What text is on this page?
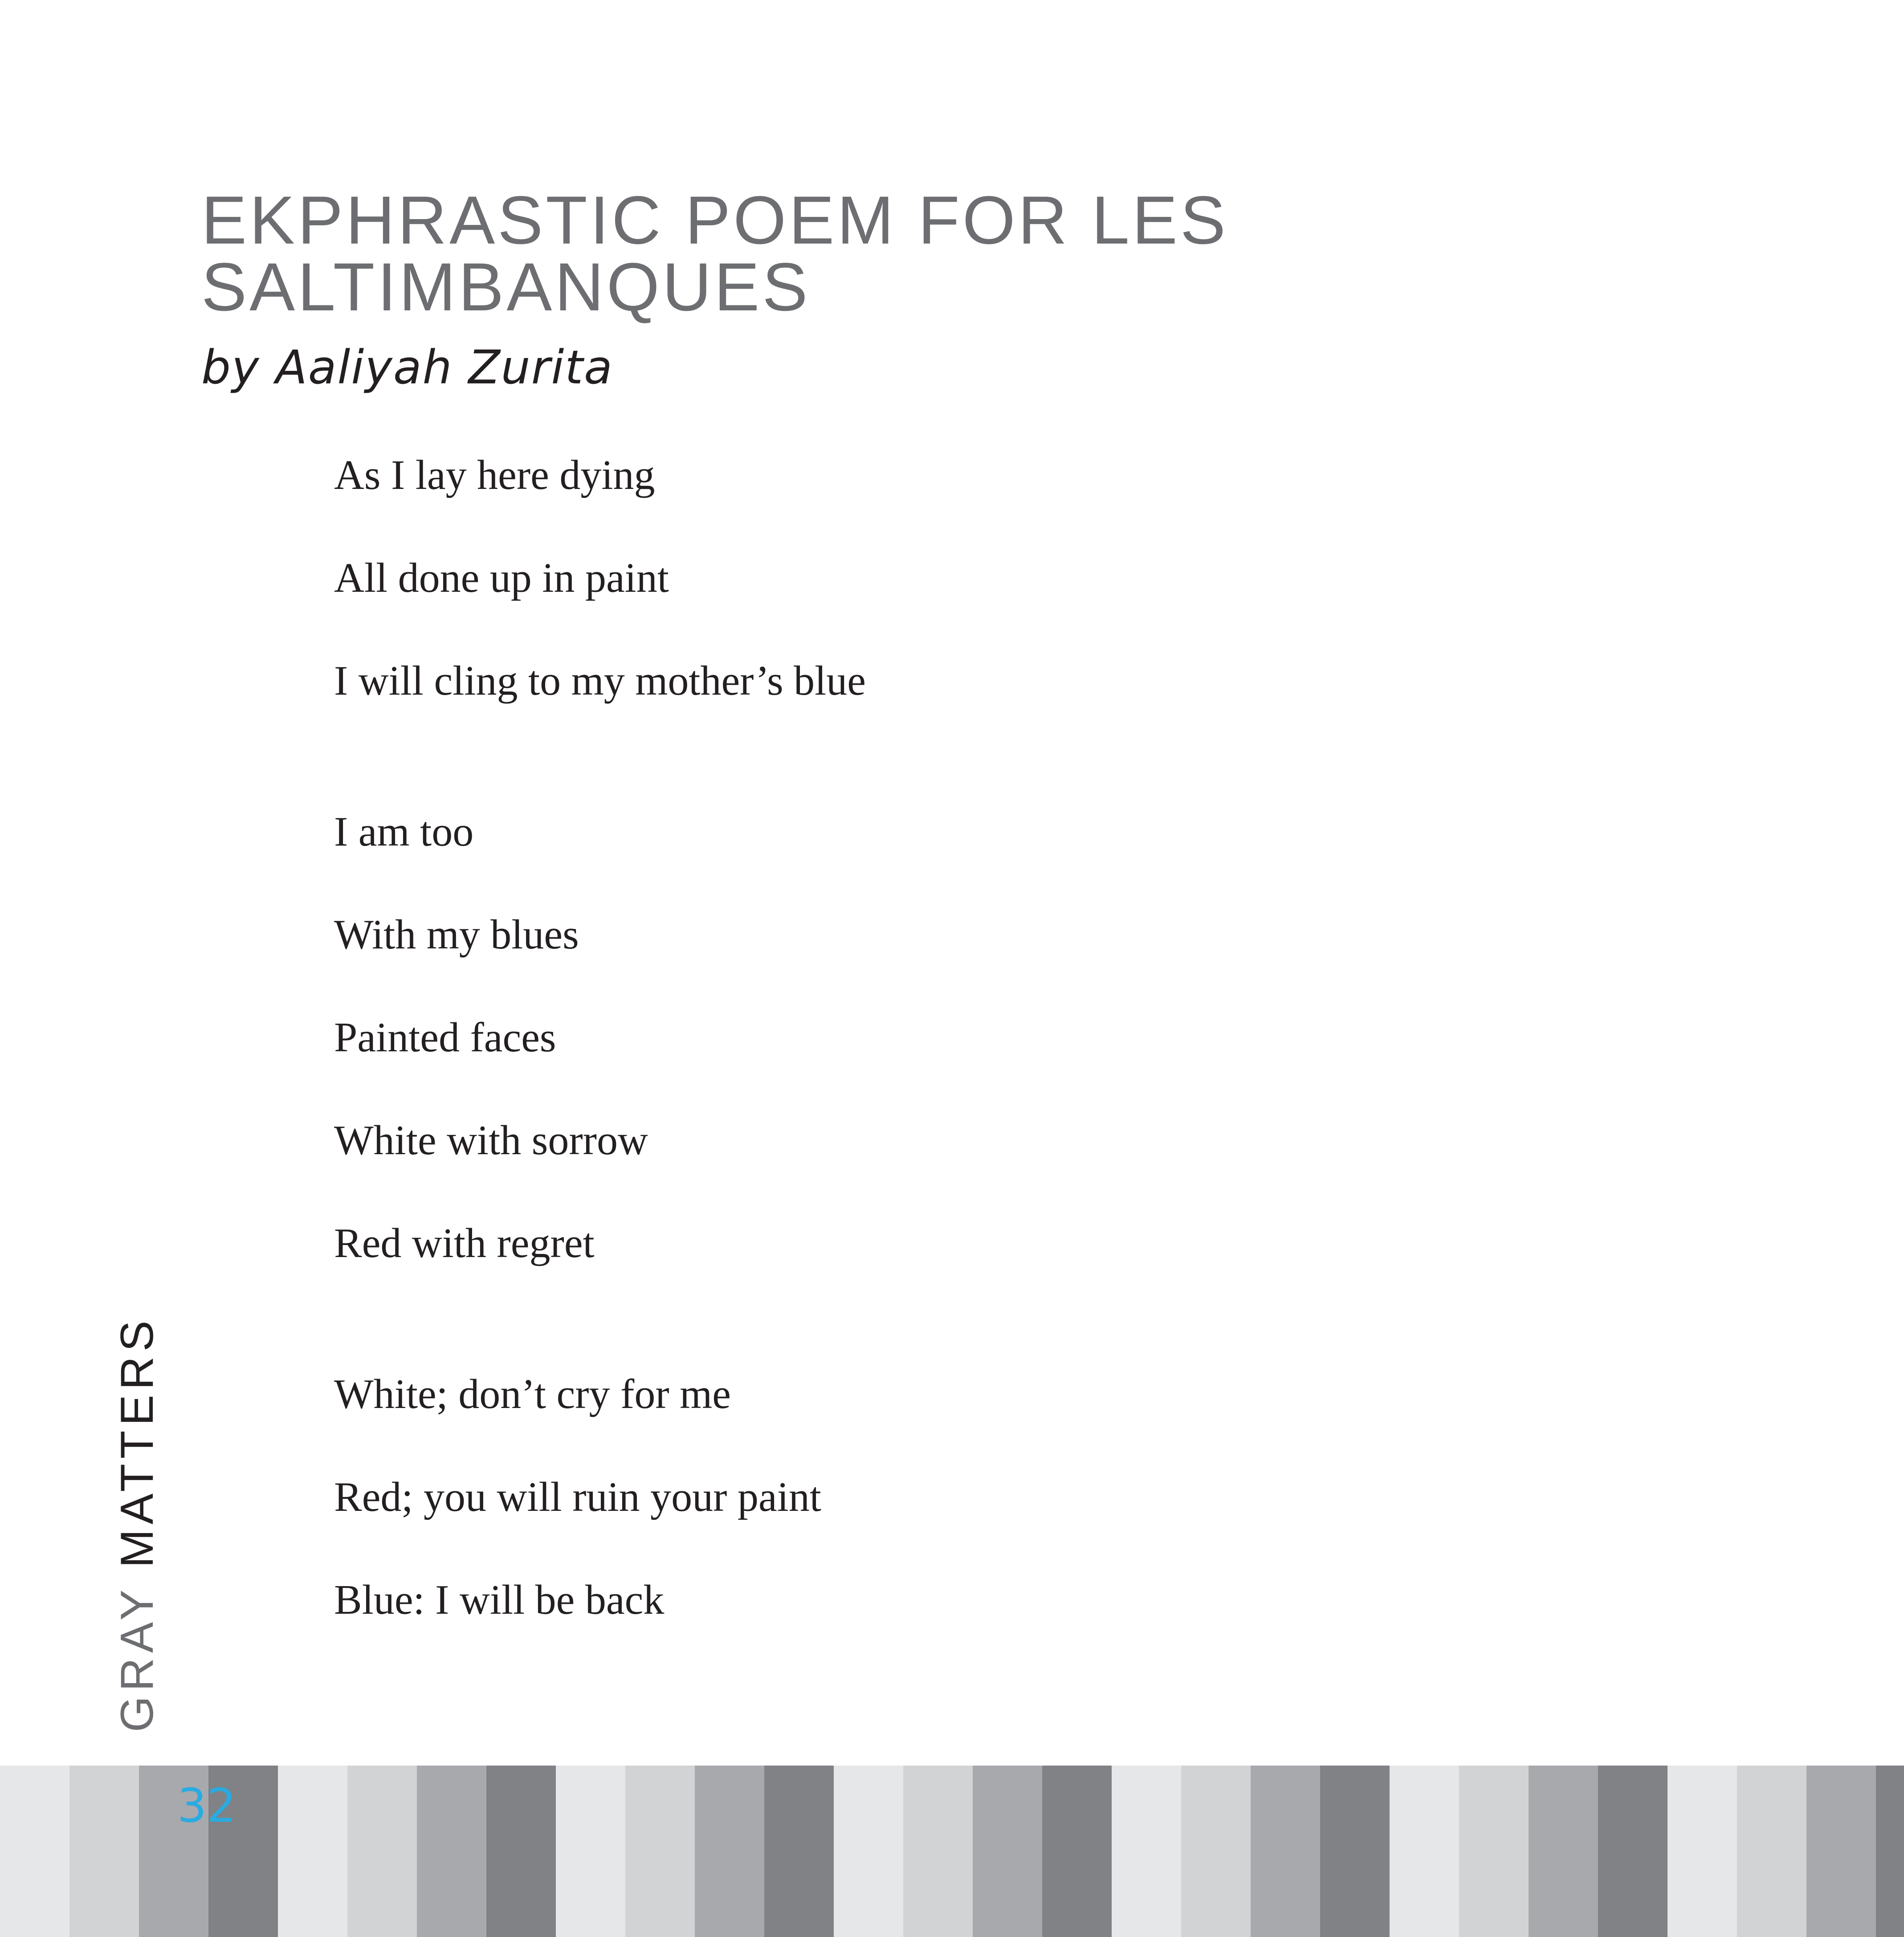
EKPHRASTIC POEM FOR LES
SALTIMBANQUES
by Aaliyah Zurita
As I lay here dying
All done up in paint
I will cling to my mother’s blue
I am too
With my blues
Painted faces
White with sorrow
Red with regret
White; don’t cry for me
Red; you will ruin your paint
Blue: I will be back
GRAY MATTERS
32
